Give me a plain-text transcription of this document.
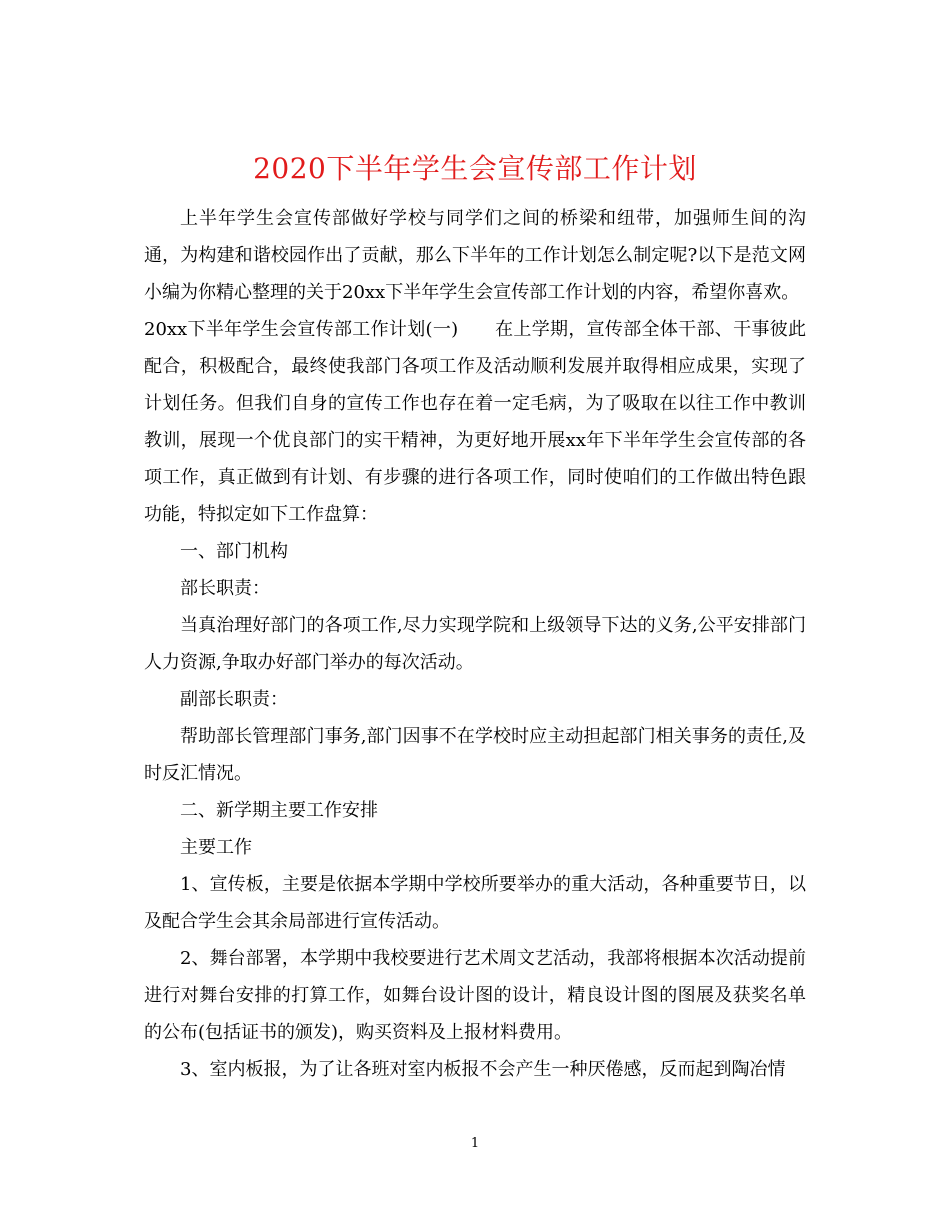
2020下半年学生会宣传部工作计划

上半年学生会宣传部做好学校与同学们之间的桥梁和纽带，加强师生间的沟通，为构建和谐校园作出了贡献，那么下半年的工作计划怎么制定呢?以下是范文网小编为你精心整理的关于20xx下半年学生会宣传部工作计划的内容，希望你喜欢。

20xx下半年学生会宣传部工作计划(一)　　在上学期，宣传部全体干部、干事彼此配合，积极配合，最终使我部门各项工作及活动顺利发展并取得相应成果，实现了计划任务。但我们自身的宣传工作也存在着一定毛病，为了吸取在以往工作中教训教训，展现一个优良部门的实干精神，为更好地开展xx年下半年学生会宣传部的各项工作，真正做到有计划、有步骤的进行各项工作，同时使咱们的工作做出特色跟功能，特拟定如下工作盘算：

一、部门机构

部长职责：

当真治理好部门的各项工作,尽力实现学院和上级领导下达的义务,公平安排部门人力资源,争取办好部门举办的每次活动。

副部长职责：

帮助部长管理部门事务,部门因事不在学校时应主动担起部门相关事务的责任,及时反汇情况。

二、新学期主要工作安排

主要工作

1、宣传板，主要是依据本学期中学校所要举办的重大活动，各种重要节日，以及配合学生会其余局部进行宣传活动。

2、舞台部署，本学期中我校要进行艺术周文艺活动，我部将根据本次活动提前进行对舞台安排的打算工作，如舞台设计图的设计，精良设计图的图展及获奖名单的公布(包括证书的颁发)，购买资料及上报材料费用。

3、室内板报，为了让各班对室内板报不会产生一种厌倦感，反而起到陶冶情

1
